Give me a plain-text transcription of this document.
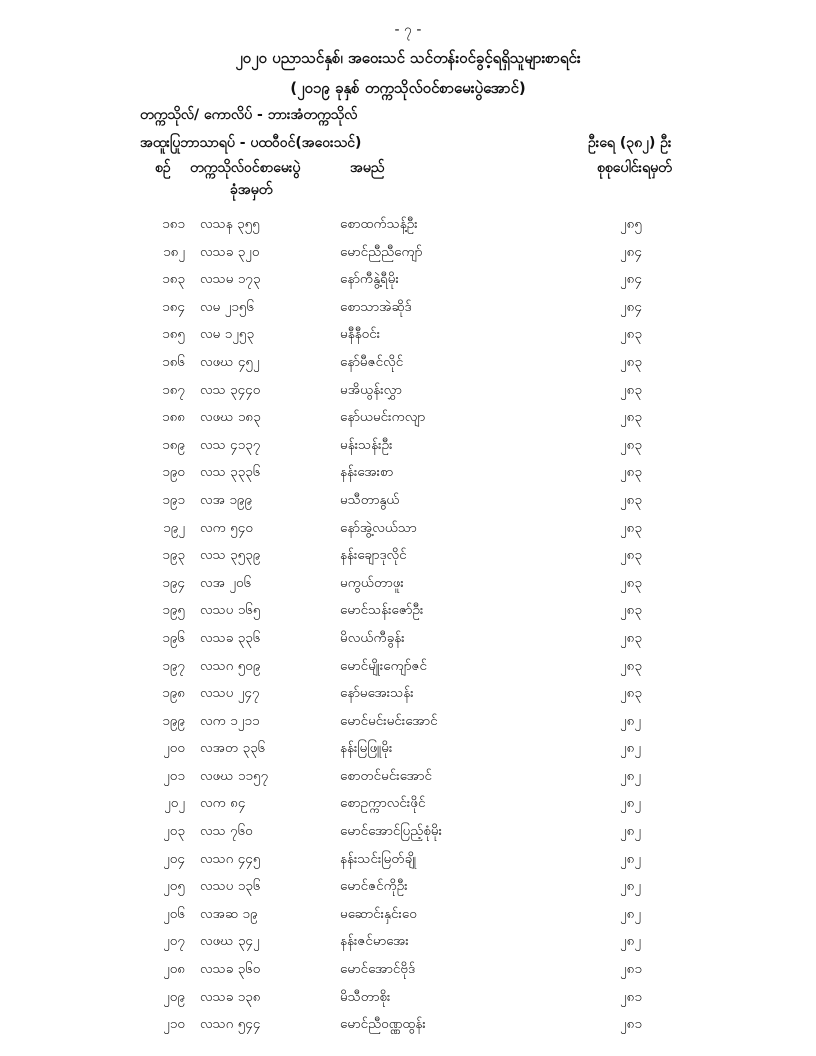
- ၇ -
၂၀၂၀ ပညာသင်နှစ်၊ အဝေးသင် သင်တန်းဝင်ခွင့်ရရှိသူများစာရင်း
(၂၀၁၉ ခုနှစ် တက္ကသိုလ်ဝင်စာမေးပွဲအောင်)
တက္ကသိုလ်/ ကောလိပ် - ဘားအံတက္ကသိုလ်
အထူးပြုဘာသာရပ် - ပထဝီဝင်(အဝေးသင်)	ဦးရေ (၃၈၂) ဦး
စဉ် တက္ကသိုလ်ဝင်စာမေးပွဲ
ခုံအမှတ်
အမည်	စုစုပေါင်းရမှတ်
၁၈၁ လသန ၃၅၅	စောထက်သန့်ဦး	၂၈၅
၁၈၂ လသခ ၃၂၀	မောင်ညီညီကျော်	၂၈၄
၁၈၃ လသမ ၁၇၃	နော်ကီနွဲ့ရီမိုး	၂၈၄
၁၈၄ လမ ၂၁၅၆	စောသာအဲဆိုဒ်	၂၈၄
၁၈၅ လမ ၁၂၅၃	မနီနီဝင်း	၂၈၃
၁၈၆ လဖဃ ၄၅၂	နော်မီဇင်လိုင်	၂၈၃
၁၈၇ လသ ၃၄၄၀	မအိယွန်းလွှာ	၂၈၃
၁၈၈ လဖဃ ၁၈၃	နော်ယမင်းကလျာ	၂၈၃
၁၈၉ လသ ၄၁၃၇	မန်းသန်းဦး	၂၈၃
၁၉၀ လသ ၃၃၃၆	နန်းအေးစာ	၂၈၃
၁၉၁ လအ ၁၉၉	မသီတာနွယ်	၂၈၃
၁၉၂ လက ၅၄၀	နော်အွဲ့လယ်သာ	၂၈၃
၁၉၃ လသ ၃၅၃၉	နန်းချောဒုလိုင်	၂၈၃
၁၉၄ လအ ၂၀၆	မကွယ်တာဖူး	၂၈၃
၁၉၅ လသပ ၁၆၅	မောင်သန်းဇော်ဦး	၂၈၃
၁၉၆ လသခ ၃၃၆	မိလယ်ကီခွန်း	၂၈၃
၁၉၇ လသဂ ၅၀၉	မောင်မျိုးကျော်ဇင်	၂၈၃
၁၉၈ လသပ ၂၄၇	နော်မအေးသန်း	၂၈၃
၁၉၉ လက ၁၂၁၁	မောင်မင်းမင်းအောင်	၂၈၂
၂၀၀ လအတ ၃၃၆	နန်းမြဖြူမိုး	၂၈၂
၂၀၁ လဖဃ ၁၁၅၇	စောတင်မင်းအောင်	၂၈၂
၂၀၂ လက ၈၄	စောဥက္ကာလင်းဖိုင်	၂၈၂
၂၀၃ လသ ၇၆၀	မောင်အောင်ပြည့်စုံမိုး	၂၈၂
၂၀၄ လသဂ ၄၄၅	နန်းသင်းမြတ်ချို	၂၈၂
၂၀၅ လသပ ၁၃၆	မောင်ဇင်ကိုဦး	၂၈၂
၂၀၆ လအဆ ၁၉	မဆောင်းနှင်းဝေ	၂၈၂
၂၀၇ လဖဃ ၃၄၂	နန်းဇင်မာအေး	၂၈၂
၂၀၈ လသခ ၃၆၀	မောင်အောင်ဗိုဒ်	၂၈၁
၂၀၉ လသခ ၁၃၈	မိသီတာစိုး	၂၈၁
၂၁၀ လသဂ ၅၄၄	မောင်ညီဝဏ္ဏထွန်း	၂၈၁
